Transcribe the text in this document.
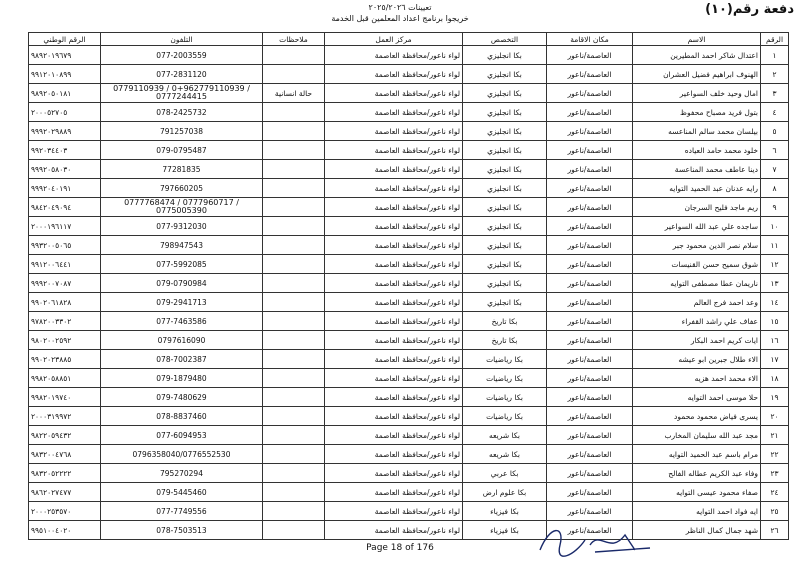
دفعة رقم(١٠)
تعيينات ٢٠٢٥/٢٠٢٦
خريجوا برنامج اعداد المعلمين قبل الخدمة
الرقم	الاسم	مكان الاقامة	التخصص	مركز العمل	ملاحظات	التلفون	الرقم الوطني
١	اعتدال شاكر احمد المطيرين	العاصمة/ناعور	بكا انجليزي	لواء ناعور/محافظة العاصمة		077-2003559	٩٨٩٢٠١٩٦٧٩
٢	الهنوف ابراهيم فضيل العشران	العاصمة/ناعور	بكا انجليزي	لواء ناعور/محافظة العاصمة		077-2831120	٩٩١٢٠١٠٨٩٩
٣	امال وحيد خلف السواعير	العاصمة/ناعور	بكا انجليزي	لواء ناعور/محافظة العاصمة	حالة انسانية	0779110939 / 0+962779110939 / 0777244415	٩٨٩٢٠٥٠١٨١
٤	بتول فريد مصباح محفوظ	العاصمة/ناعور	بكا انجليزي	لواء ناعور/محافظة العاصمة		078-2425732	٢٠٠٠٥٢٧٠٥
٥	بيلسان محمد سالم المناعسه	العاصمة/ناعور	بكا انجليزي	لواء ناعور/محافظة العاصمة		791257038	٩٩٩٢٠٢٩٨٨٩
٦	خلود محمد حامد العياده	العاصمة/ناعور	بكا انجليزي	لواء ناعور/محافظة العاصمة		079-0795487	٩٩٢٠٣٤٤٠٣
٧	دينا عاطف محمد المناعسة	العاصمة/ناعور	بكا انجليزي	لواء ناعور/محافظة العاصمة		77281835	٩٩٩٢٠٥٨٠٣٠
٨	رايه عدنان عبد الحميد التوايه	العاصمة/ناعور	بكا انجليزي	لواء ناعور/محافظة العاصمة		797660205	٩٩٩٢٠٤٠١٩١
٩	ريم ماجد فليح السرجان	العاصمة/ناعور	بكا انجليزي	لواء ناعور/محافظة العاصمة		0777768474 / 0777960717 / 0775005390	٩٨٤٢٠٤٩٠٩٤
١٠	ساجده علي عبد الله السواعير	العاصمة/ناعور	بكا انجليزي	لواء ناعور/محافظة العاصمة		077-9312030	٢٠٠٠١٩٦١١٧
١١	سلام نصر الدين محمود جبر	العاصمة/ناعور	بكا انجليزي	لواء ناعور/محافظة العاصمة		798947543	٩٩٣٢٠٠٥٠٦٥
١٢	شوق سميح حسن القنيسات	العاصمة/ناعور	بكا انجليزي	لواء ناعور/محافظة العاصمة		077-5992085	٩٩١٢٠٠٦٤٤١
١٣	ناريمان عطا مصطفى التوايه	العاصمة/ناعور	بكا انجليزي	لواء ناعور/محافظة العاصمة		079-0790984	٩٩٩٢٠٠٧٠٨٧
١٤	وعد احمد فرج العالم	العاصمة/ناعور	بكا انجليزي	لواء ناعور/محافظة العاصمة		079-2941713	٩٩٠٢٠٦١٨٢٨
١٥	عفاف علي راشد القفراء	العاصمة/ناعور	بكا تاريخ	لواء ناعور/محافظة العاصمة		077-7463586	٩٧٨٢٠٠٣٣٠٢
١٦	ايات كريم احمد البكار	العاصمة/ناعور	بكا تاريخ	لواء ناعور/محافظة العاصمة		0797616090	٩٨٠٢٠٠٢٥٩٢
١٧	الاء طلال جبرين ابو عيشه	العاصمة/ناعور	بكا رياضيات	لواء ناعور/محافظة العاصمة		078-7002387	٩٩٠٢٠٢٣٨٨٥
١٨	الاء محمد احمد هزيه	العاصمة/ناعور	بكا رياضيات	لواء ناعور/محافظة العاصمة		079-1879480	٩٩٨٢٠٥٨٨٥١
١٩	حلا موسى احمد التوايه	العاصمة/ناعور	بكا رياضيات	لواء ناعور/محافظة العاصمة		079-7480629	٩٩٨٢٠١٩٧٤٠
٢٠	يسرى فياض محمود محمود	العاصمة/ناعور	بكا رياضيات	لواء ناعور/محافظة العاصمة		078-8837460	٢٠٠٠٣١٩٩٧٢
٢١	مجد عبد الله سليمان المخارب	العاصمة/ناعور	بكا شريعه	لواء ناعور/محافظة العاصمة		077-6094953	٩٨٢٢٠٥٩٤٣٢
٢٢	مرام باسم عبد الحميد التوايه	العاصمة/ناعور	بكا شريعه	لواء ناعور/محافظة العاصمة		0796358040/0776552530	٩٨٣٢٠٠٤٧٦٨
٢٣	وفاء عبد الكريم عطاله الفالح	العاصمة/ناعور	بكا عربي	لواء ناعور/محافظة العاصمة		795270294	٩٨٣٢٠٥٢٢٢٢
٢٤	صفاء محمود عيسى التوايه	العاصمة/ناعور	بكا علوم ارض	لواء ناعور/محافظة العاصمة		079-5445460	٩٨٦٢٠٢٧٤٧٧
٢٥	ايه فواد احمد التوايه	العاصمة/ناعور	بكا فيزياء	لواء ناعور/محافظة العاصمة		077-7749556	٢٠٠٠٢٥٣٥٧٠
٢٦	شهد جمال كمال الناظر	العاصمة/ناعور	بكا فيزياء	لواء ناعور/محافظة العاصمة		078-7503513	٩٩٥١٠٠٤٠٢٠
Page 18 of 176
